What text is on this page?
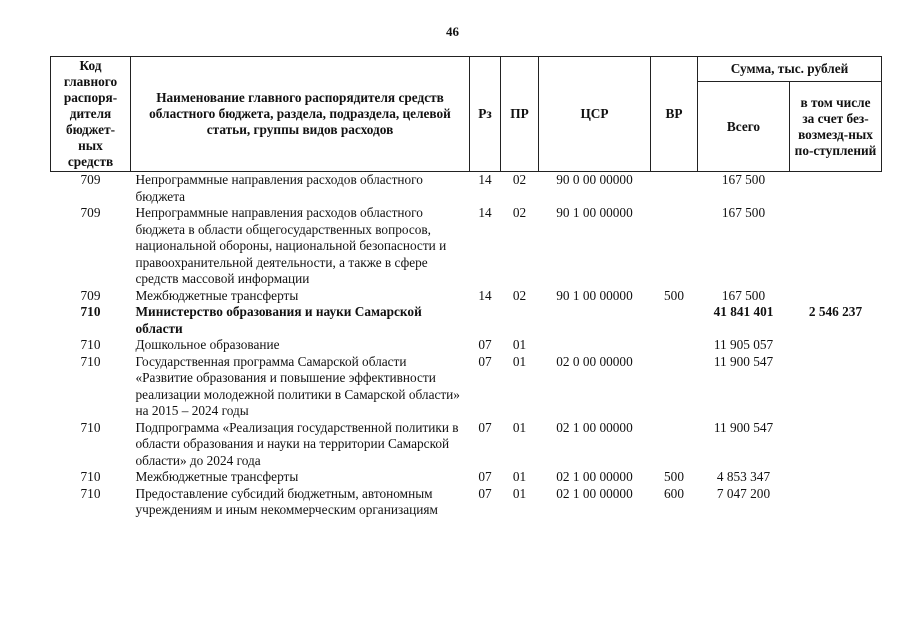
46
Код главного распоря-дителя бюджет-ных средств	Наименование главного распорядителя средств областного бюджета, раздела, подраздела, целевой статьи, группы видов расходов	Рз	ПР	ЦСР	ВР	Сумма, тыс. рублей	
						Всего	в том числе за счет без-возмезд-ных по-ступлений
709	Непрограммные направления расходов областного бюджета	14	02	90 0 00 00000		167 500	
709	Непрограммные направления расходов областного бюджета в области общегосударственных вопросов, национальной обороны, национальной безопасности и правоохранительной деятельности, а также в сфере средств массовой информации	14	02	90 1 00 00000		167 500	
709	Межбюджетные трансферты	14	02	90 1 00 00000	500	167 500	
710	Министерство образования и науки Самарской области					41 841 401	2 546 237
710	Дошкольное образование	07	01			11 905 057	
710	Государственная программа Самарской области «Развитие образования и повышение эффективности реализации молодежной политики в Самарской области» на 2015 – 2024 годы	07	01	02 0 00 00000		11 900 547	
710	Подпрограмма «Реализация государственной политики в области образования и науки на территории Самарской области» до 2024 года	07	01	02 1 00 00000		11 900 547	
710	Межбюджетные трансферты	07	01	02 1 00 00000	500	4 853 347	
710	Предоставление субсидий бюджетным, автономным учреждениям и иным некоммерческим организациям	07	01	02 1 00 00000	600	7 047 200	
